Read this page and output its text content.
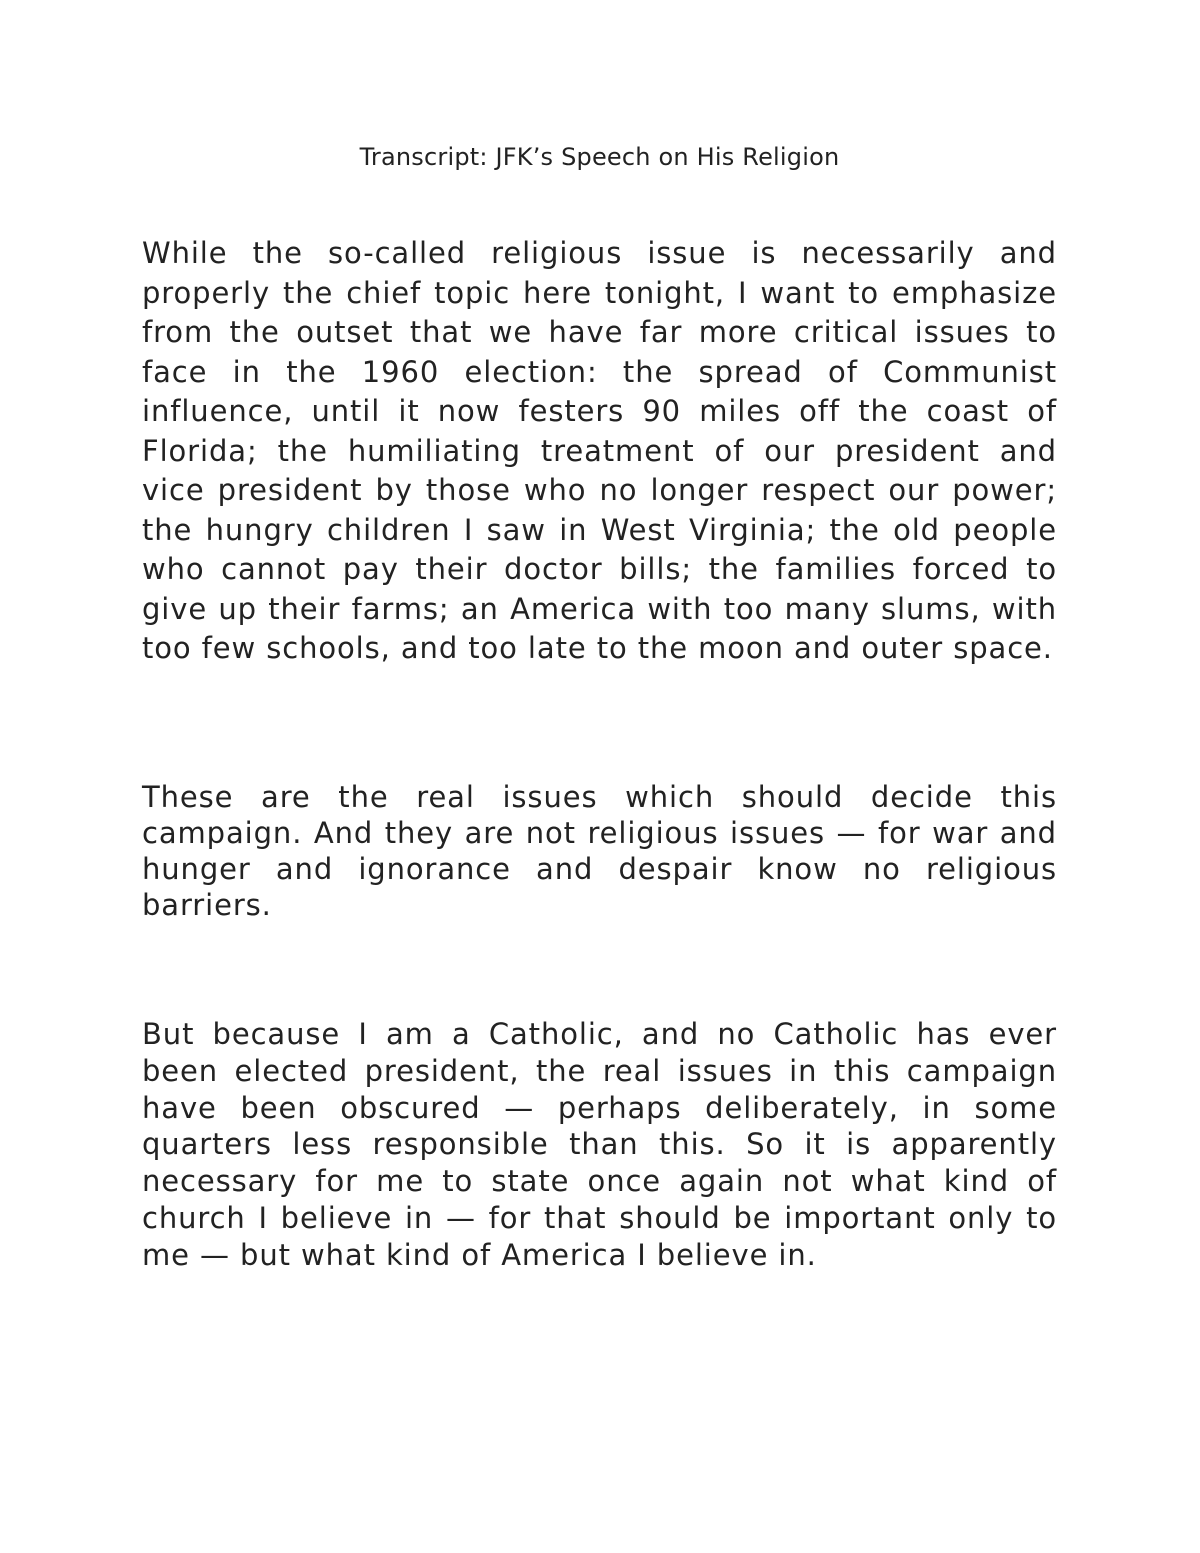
Transcript: JFK’s Speech on His Religion

While the so-called religious issue is necessarily and properly the chief topic here tonight, I want to emphasize from the outset that we have far more critical issues to face in the 1960 election: the spread of Communist influence, until it now festers 90 miles off the coast of Florida; the humiliating treatment of our president and vice president by those who no longer respect our power; the hungry children I saw in West Virginia; the old people who cannot pay their doctor bills; the families forced to give up their farms; an America with too many slums, with too few schools, and too late to the moon and outer space.

These are the real issues which should decide this campaign. And they are not religious issues — for war and hunger and ignorance and despair know no religious barriers.

But because I am a Catholic, and no Catholic has ever been elected president, the real issues in this campaign have been obscured — perhaps deliberately, in some quarters less responsible than this. So it is apparently necessary for me to state once again not what kind of church I believe in — for that should be important only to me — but what kind of America I believe in.
